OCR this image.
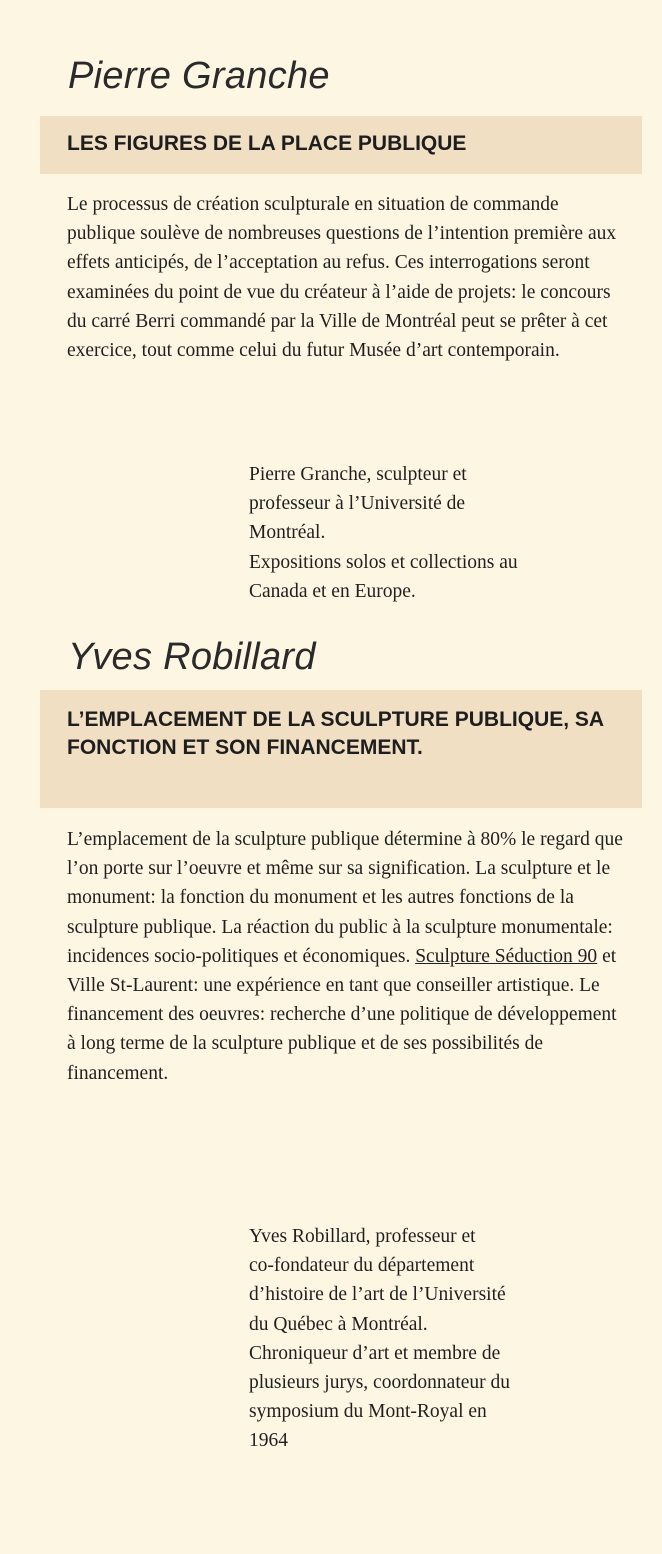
Pierre Granche
LES FIGURES DE LA PLACE PUBLIQUE
Le processus de création sculpturale en situation de commande publique soulève de nombreuses questions de l’intention première aux effets anticipés, de l’acceptation au refus. Ces interrogations seront examinées du point de vue du créateur à l’aide de projets: le concours du carré Berri commandé par la Ville de Montréal peut se prêter à cet exercice, tout comme celui du futur Musée d’art contemporain.
Pierre Granche, sculpteur et
professeur à l’Université de
Montréal.
Expositions solos et collections au
Canada et en Europe.
Yves Robillard
L’EMPLACEMENT DE LA SCULPTURE PUBLIQUE, SA FONCTION ET SON FINANCEMENT.
L’emplacement de la sculpture publique détermine à 80% le regard que l’on porte sur l’oeuvre et même sur sa signification. La sculpture et le monument: la fonction du monument et les autres fonctions de la sculpture publique. La réaction du public à la sculpture monumentale: incidences socio-politiques et économiques. Sculpture Séduction 90 et Ville St-Laurent: une expérience en tant que conseiller artistique. Le financement des oeuvres: recherche d’une politique de développement à long terme de la sculpture publique et de ses possibilités de financement.
Yves Robillard, professeur et
co-fondateur du département
d’histoire de l’art de l’Université
du Québec à Montréal.
Chroniqueur d’art et membre de
plusieurs jurys, coordonnateur du
symposium du Mont-Royal en
1964
